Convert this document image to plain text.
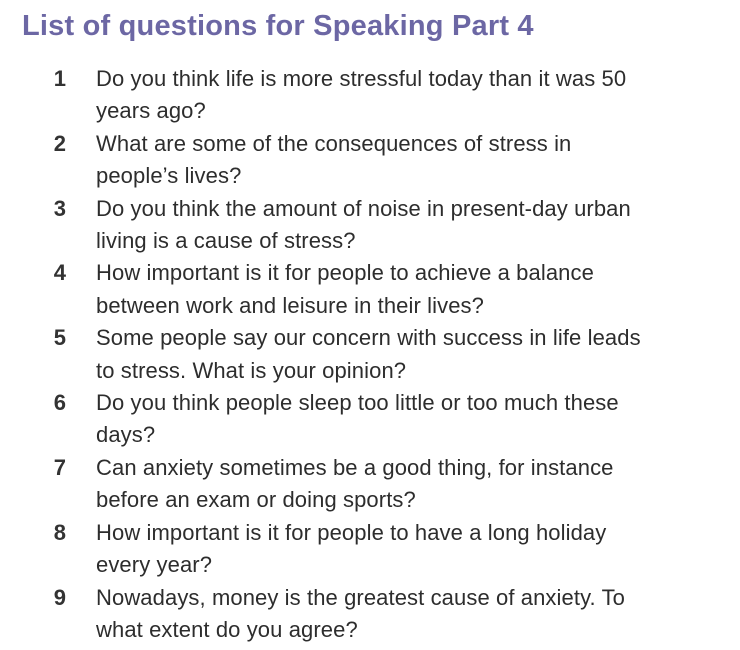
List of questions for Speaking Part 4
1 Do you think life is more stressful today than it was 50
years ago?
2 What are some of the consequences of stress in
people’s lives?
3 Do you think the amount of noise in present-day urban
living is a cause of stress?
4 How important is it for people to achieve a balance
between work and leisure in their lives?
5 Some people say our concern with success in life leads
to stress. What is your opinion?
6 Do you think people sleep too little or too much these
days?
7 Can anxiety sometimes be a good thing, for instance
before an exam or doing sports?
8 How important is it for people to have a long holiday
every year?
9 Nowadays, money is the greatest cause of anxiety. To
what extent do you agree?
